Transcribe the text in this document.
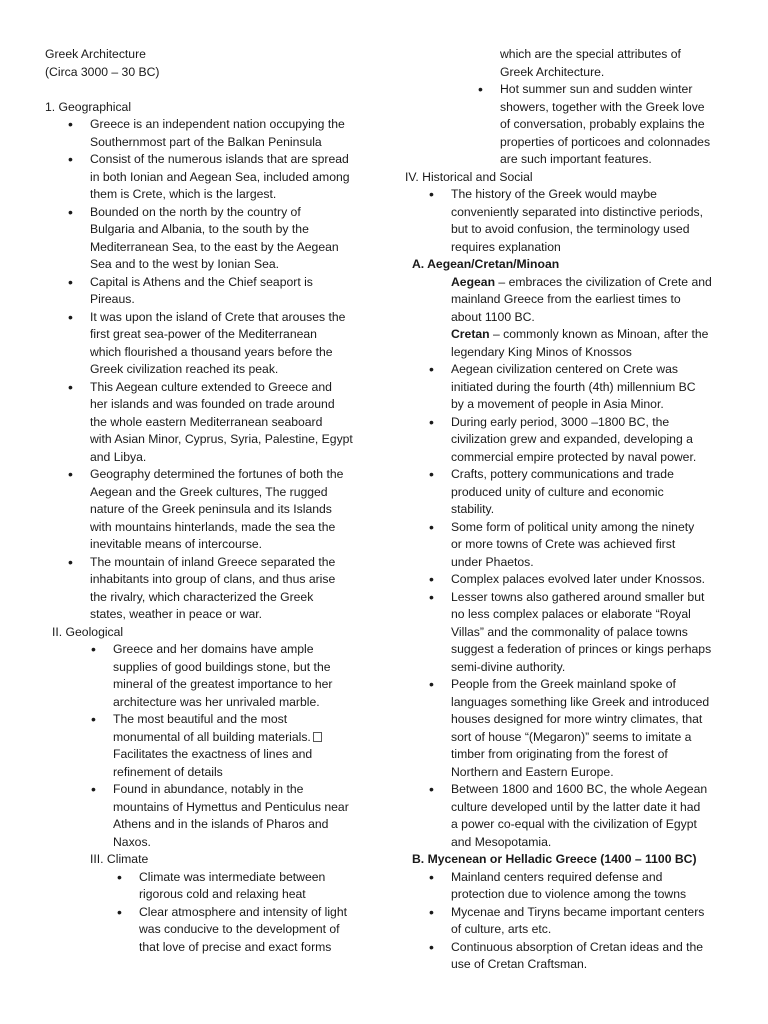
Greek Architecture

(Circa 3000 – 30 BC)

1. Geographical

• Greece is an independent nation occupying the

Southernmost part of the Balkan Peninsula

• Consist of the numerous islands that are spread

in both Ionian and Aegean Sea, included among

them is Crete, which is the largest.

• Bounded on the north by the country of

Bulgaria and Albania, to the south by the

Mediterranean Sea, to the east by the Aegean

Sea and to the west by Ionian Sea.

• Capital is Athens and the Chief seaport is

Pireaus.

• It was upon the island of Crete that arouses the

first great sea-power of the Mediterranean

which flourished a thousand years before the

Greek civilization reached its peak.

• This Aegean culture extended to Greece and

her islands and was founded on trade around

the whole eastern Mediterranean seaboard

with Asian Minor, Cyprus, Syria, Palestine, Egypt

and Libya.

• Geography determined the fortunes of both the

Aegean and the Greek cultures, The rugged

nature of the Greek peninsula and its Islands

with mountains hinterlands, made the sea the

inevitable means of intercourse.

• The mountain of inland Greece separated the

inhabitants into group of clans, and thus arise

the rivalry, which characterized the Greek

states, weather in peace or war.

II. Geological

• Greece and her domains have ample

supplies of good buildings stone, but the

mineral of the greatest importance to her

architecture was her unrivaled marble.

• The most beautiful and the most

monumental of all building materials.

Facilitates the exactness of lines and

refinement of details

• Found in abundance, notably in the

mountains of Hymettus and Penticulus near

Athens and in the islands of Pharos and

Naxos.

III. Climate

• Climate was intermediate between

rigorous cold and relaxing heat

• Clear atmosphere and intensity of light

was conducive to the development of

that love of precise and exact forms

which are the special attributes of

Greek Architecture.

• Hot summer sun and sudden winter

showers, together with the Greek love

of conversation, probably explains the

properties of porticoes and colonnades

are such important features.

IV. Historical and Social

• The history of the Greek would maybe

conveniently separated into distinctive periods,

but to avoid confusion, the terminology used

requires explanation

A. Aegean/Cretan/Minoan

Aegean – embraces the civilization of Crete and

mainland Greece from the earliest times to

about 1100 BC.

Cretan – commonly known as Minoan, after the

legendary King Minos of Knossos

• Aegean civilization centered on Crete was

initiated during the fourth (4th) millennium BC

by a movement of people in Asia Minor.

• During early period, 3000 –1800 BC, the

civilization grew and expanded, developing a

commercial empire protected by naval power.

• Crafts, pottery communications and trade

produced unity of culture and economic

stability.

• Some form of political unity among the ninety

or more towns of Crete was achieved first

under Phaetos.

• Complex palaces evolved later under Knossos.

• Lesser towns also gathered around smaller but

no less complex palaces or elaborate “Royal

Villas” and the commonality of palace towns

suggest a federation of princes or kings perhaps

semi-divine authority.

• People from the Greek mainland spoke of

languages something like Greek and introduced

houses designed for more wintry climates, that

sort of house “(Megaron)” seems to imitate a

timber from originating from the forest of

Northern and Eastern Europe.

• Between 1800 and 1600 BC, the whole Aegean

culture developed until by the latter date it had

a power co-equal with the civilization of Egypt

and Mesopotamia.

B. Mycenean or Helladic Greece (1400 – 1100 BC)

• Mainland centers required defense and

protection due to violence among the towns

• Mycenae and Tiryns became important centers

of culture, arts etc.

• Continuous absorption of Cretan ideas and the

use of Cretan Craftsman.
